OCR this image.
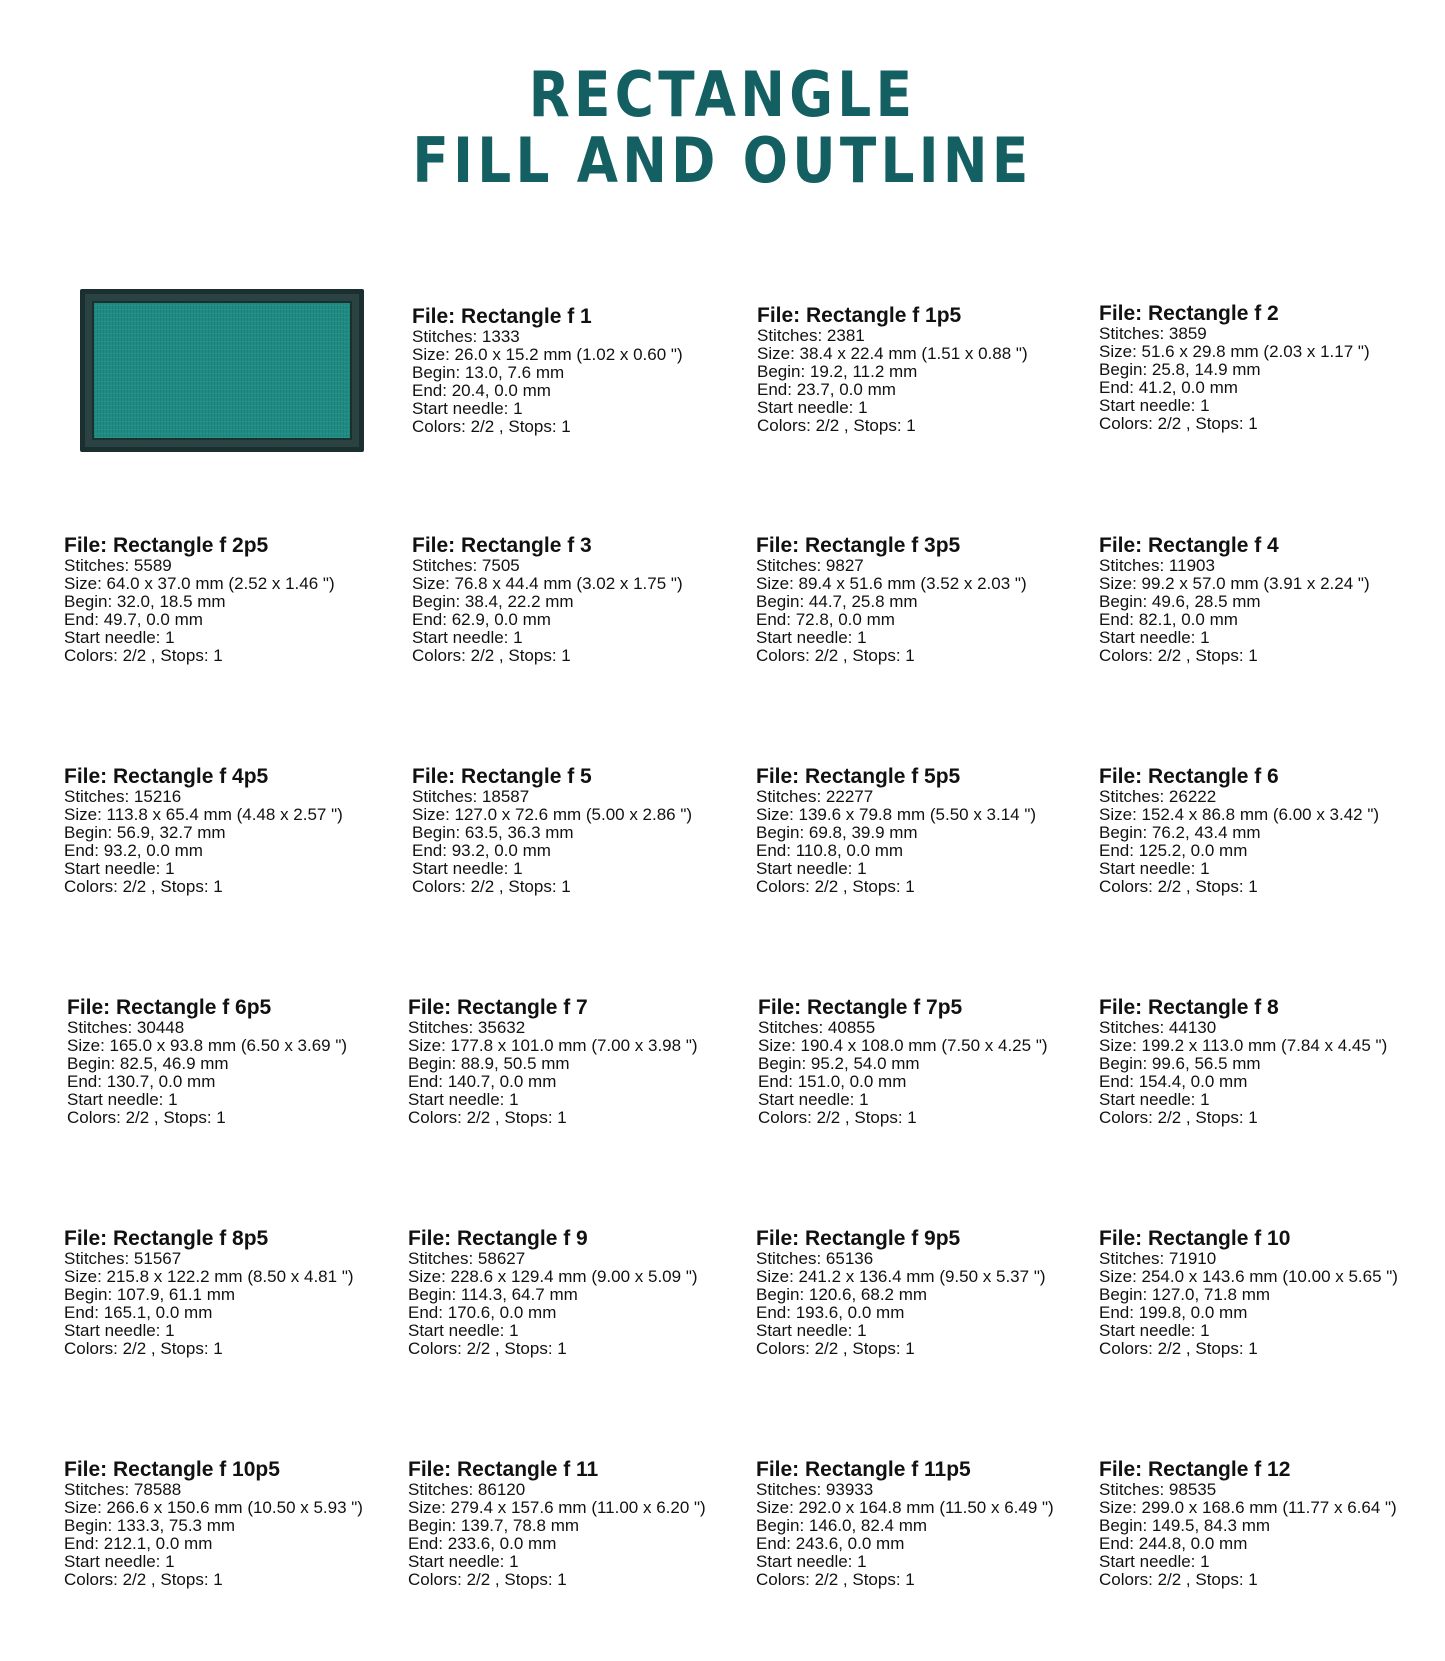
RECTANGLE
FILL AND OUTLINE
File: Rectangle f 1
Stitches: 1333
Size: 26.0 x 15.2 mm (1.02 x 0.60 ")
Begin: 13.0, 7.6 mm
End: 20.4, 0.0 mm
Start needle: 1
Colors: 2/2 , Stops: 1
File: Rectangle f 1p5
Stitches: 2381
Size: 38.4 x 22.4 mm (1.51 x 0.88 ")
Begin: 19.2, 11.2 mm
End: 23.7, 0.0 mm
Start needle: 1
Colors: 2/2 , Stops: 1
File: Rectangle f 2
Stitches: 3859
Size: 51.6 x 29.8 mm (2.03 x 1.17 ")
Begin: 25.8, 14.9 mm
End: 41.2, 0.0 mm
Start needle: 1
Colors: 2/2 , Stops: 1
File: Rectangle f 2p5
Stitches: 5589
Size: 64.0 x 37.0 mm (2.52 x 1.46 ")
Begin: 32.0, 18.5 mm
End: 49.7, 0.0 mm
Start needle: 1
Colors: 2/2 , Stops: 1
File: Rectangle f 3
Stitches: 7505
Size: 76.8 x 44.4 mm (3.02 x 1.75 ")
Begin: 38.4, 22.2 mm
End: 62.9, 0.0 mm
Start needle: 1
Colors: 2/2 , Stops: 1
File: Rectangle f 3p5
Stitches: 9827
Size: 89.4 x 51.6 mm (3.52 x 2.03 ")
Begin: 44.7, 25.8 mm
End: 72.8, 0.0 mm
Start needle: 1
Colors: 2/2 , Stops: 1
File: Rectangle f 4
Stitches: 11903
Size: 99.2 x 57.0 mm (3.91 x 2.24 ")
Begin: 49.6, 28.5 mm
End: 82.1, 0.0 mm
Start needle: 1
Colors: 2/2 , Stops: 1
File: Rectangle f 4p5
Stitches: 15216
Size: 113.8 x 65.4 mm (4.48 x 2.57 ")
Begin: 56.9, 32.7 mm
End: 93.2, 0.0 mm
Start needle: 1
Colors: 2/2 , Stops: 1
File: Rectangle f 5
Stitches: 18587
Size: 127.0 x 72.6 mm (5.00 x 2.86 ")
Begin: 63.5, 36.3 mm
End: 93.2, 0.0 mm
Start needle: 1
Colors: 2/2 , Stops: 1
File: Rectangle f 5p5
Stitches: 22277
Size: 139.6 x 79.8 mm (5.50 x 3.14 ")
Begin: 69.8, 39.9 mm
End: 110.8, 0.0 mm
Start needle: 1
Colors: 2/2 , Stops: 1
File: Rectangle f 6
Stitches: 26222
Size: 152.4 x 86.8 mm (6.00 x 3.42 ")
Begin: 76.2, 43.4 mm
End: 125.2, 0.0 mm
Start needle: 1
Colors: 2/2 , Stops: 1
File: Rectangle f 6p5
Stitches: 30448
Size: 165.0 x 93.8 mm (6.50 x 3.69 ")
Begin: 82.5, 46.9 mm
End: 130.7, 0.0 mm
Start needle: 1
Colors: 2/2 , Stops: 1
File: Rectangle f 7
Stitches: 35632
Size: 177.8 x 101.0 mm (7.00 x 3.98 ")
Begin: 88.9, 50.5 mm
End: 140.7, 0.0 mm
Start needle: 1
Colors: 2/2 , Stops: 1
File: Rectangle f 7p5
Stitches: 40855
Size: 190.4 x 108.0 mm (7.50 x 4.25 ")
Begin: 95.2, 54.0 mm
End: 151.0, 0.0 mm
Start needle: 1
Colors: 2/2 , Stops: 1
File: Rectangle f 8
Stitches: 44130
Size: 199.2 x 113.0 mm (7.84 x 4.45 ")
Begin: 99.6, 56.5 mm
End: 154.4, 0.0 mm
Start needle: 1
Colors: 2/2 , Stops: 1
File: Rectangle f 8p5
Stitches: 51567
Size: 215.8 x 122.2 mm (8.50 x 4.81 ")
Begin: 107.9, 61.1 mm
End: 165.1, 0.0 mm
Start needle: 1
Colors: 2/2 , Stops: 1
File: Rectangle f 9
Stitches: 58627
Size: 228.6 x 129.4 mm (9.00 x 5.09 ")
Begin: 114.3, 64.7 mm
End: 170.6, 0.0 mm
Start needle: 1
Colors: 2/2 , Stops: 1
File: Rectangle f 9p5
Stitches: 65136
Size: 241.2 x 136.4 mm (9.50 x 5.37 ")
Begin: 120.6, 68.2 mm
End: 193.6, 0.0 mm
Start needle: 1
Colors: 2/2 , Stops: 1
File: Rectangle f 10
Stitches: 71910
Size: 254.0 x 143.6 mm (10.00 x 5.65 ")
Begin: 127.0, 71.8 mm
End: 199.8, 0.0 mm
Start needle: 1
Colors: 2/2 , Stops: 1
File: Rectangle f 10p5
Stitches: 78588
Size: 266.6 x 150.6 mm (10.50 x 5.93 ")
Begin: 133.3, 75.3 mm
End: 212.1, 0.0 mm
Start needle: 1
Colors: 2/2 , Stops: 1
File: Rectangle f 11
Stitches: 86120
Size: 279.4 x 157.6 mm (11.00 x 6.20 ")
Begin: 139.7, 78.8 mm
End: 233.6, 0.0 mm
Start needle: 1
Colors: 2/2 , Stops: 1
File: Rectangle f 11p5
Stitches: 93933
Size: 292.0 x 164.8 mm (11.50 x 6.49 ")
Begin: 146.0, 82.4 mm
End: 243.6, 0.0 mm
Start needle: 1
Colors: 2/2 , Stops: 1
File: Rectangle f 12
Stitches: 98535
Size: 299.0 x 168.6 mm (11.77 x 6.64 ")
Begin: 149.5, 84.3 mm
End: 244.8, 0.0 mm
Start needle: 1
Colors: 2/2 , Stops: 1
